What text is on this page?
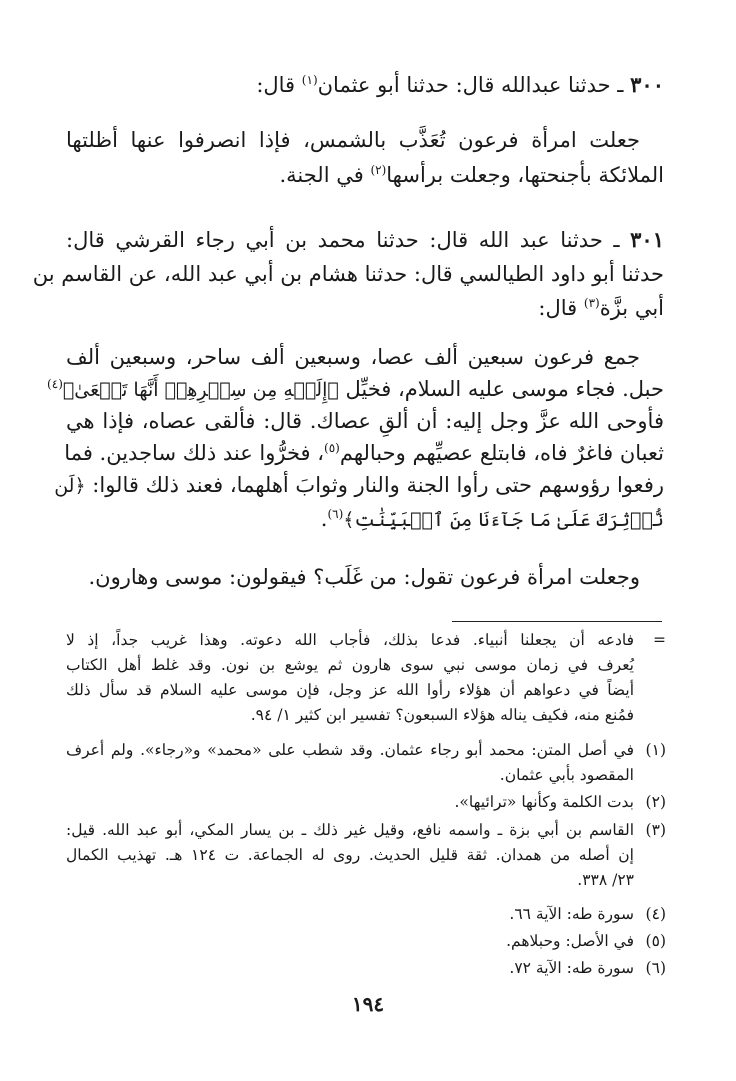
٣٠٠ ـ حدثنا عبدالله قال: حدثنا أبو عثمان$^{(١)}$ قال:
جعلت امرأة فرعون تُعَذَّب بالشمس، فإذا انصرفوا عنها أظلتها
الملائكة بأجنحتها، وجعلت برأسها$^{(٢)}$ في الجنة.
٣٠١ ـ حدثنا عبد الله قال: حدثنا محمد بن أبي رجاء القرشي قال:
حدثنا أبو داود الطيالسي قال: حدثنا هشام بن أبي عبد الله، عن القاسم بن
أبي بزَّة$^{(٣)}$ قال:
جمع فرعون سبعين ألف عصا، وسبعين ألف ساحر، وسبعين ألف
حبل. فجاء موسى عليه السلام، فخيِّل ﴿إِلَيۡهِ مِن سِحۡرِهِمۡ أَنَّهَا تَسۡعَىٰ﴾$^{(٤)}$
فأوحى الله عزَّ وجل إليه: أن ألقِ عصاك. قال: فألقى عصاه، فإذا هي
ثعبان فاغرٌ فاه، فابتلع عصيِّهم وحبالهم$^{(٥)}$، فخرُّوا عند ذلك ساجدين. فما
رفعوا رؤوسهم حتى رأوا الجنة والنار وثوابَ أهلهما، فعند ذلك قالوا: ﴿لَن
نُّؤۡثِرَكَ عَلَىٰ مَا جَآءَنَا مِنَ ٱلۡبَيِّنَٰتِ﴾$^{(٦)}$.
وجعلت امرأة فرعون تقول: من غَلَب؟ فيقولون: موسى وهارون.
=
فادعه أن يجعلنا أنبياء. فدعا بذلك، فأجاب الله دعوته. وهذا غريب جداً، إذ لا
يُعرف في زمان موسى نبي سوى هارون ثم يوشع بن نون. وقد غلط أهل الكتاب
أيضاً في دعواهم أن هؤلاء رأوا الله عز وجل، فإن موسى عليه السلام قد سأل ذلك
فمُنع منه، فكيف يناله هؤلاء السبعون؟ تفسير ابن كثير ١/ ٩٤.
(١)
في أصل المتن: محمد أبو رجاء عثمان. وقد شطب على «محمد» و«رجاء». ولم أعرف
المقصود بأبي عثمان.
(٢)
بدت الكلمة وكأنها «ترائيها».
(٣)
القاسم بن أبي بزة ـ واسمه نافع، وقيل غير ذلك ـ بن يسار المكي، أبو عبد الله. قيل:
إن أصله من همدان. ثقة قليل الحديث. روى له الجماعة. ت ١٢٤ هـ. تهذيب الكمال
٢٣/ ٣٣٨.
(٤)
سورة طه: الآية ٦٦.
(٥)
في الأصل: وحبلاهم.
(٦)
سورة طه: الآية ٧٢.
١٩٤
